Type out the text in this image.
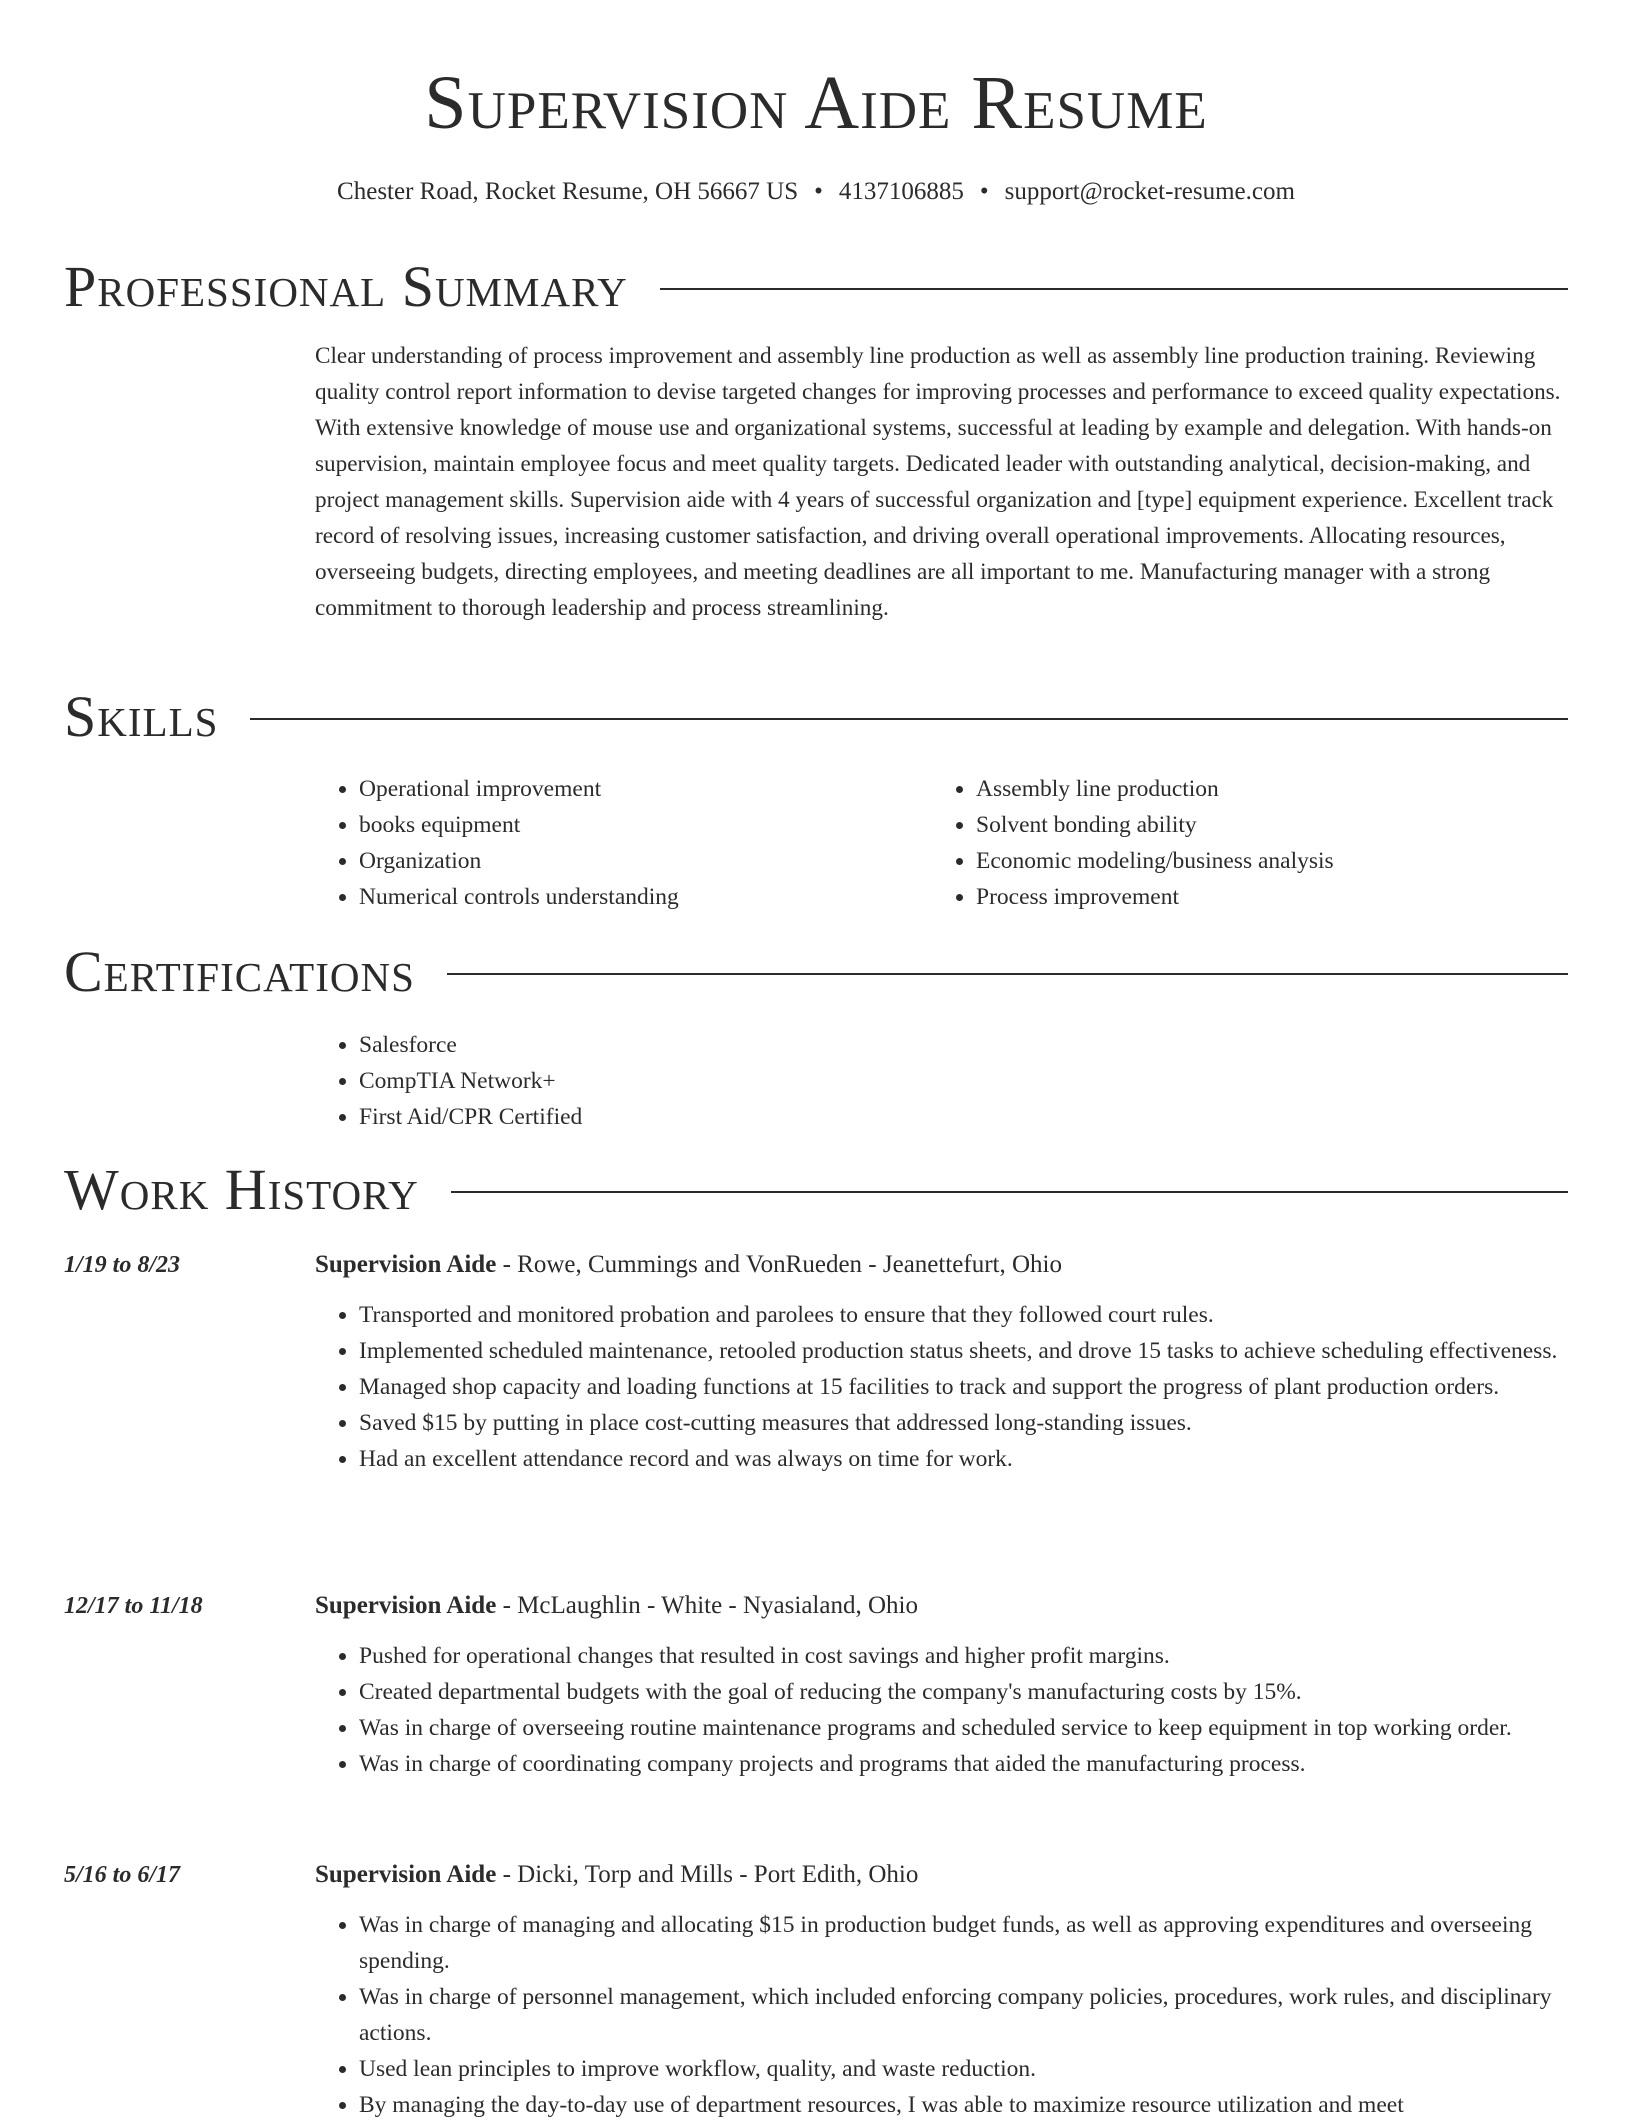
Supervision Aide Resume
Chester Road, Rocket Resume, OH 56667 US • 4137106885 • support@rocket-resume.com
Professional Summary

Clear understanding of process improvement and assembly line production as well as assembly line production training. Reviewing quality control report information to devise targeted changes for improving processes and performance to exceed quality expectations. With extensive knowledge of mouse use and organizational systems, successful at leading by example and delegation. With hands-on supervision, maintain employee focus and meet quality targets. Dedicated leader with outstanding analytical, decision-making, and project management skills. Supervision aide with 4 years of successful organization and [type] equipment experience. Excellent track record of resolving issues, increasing customer satisfaction, and driving overall operational improvements. Allocating resources, overseeing budgets, directing employees, and meeting deadlines are all important to me. Manufacturing manager with a strong commitment to thorough leadership and process streamlining.

Skills
• Operational improvement
• books equipment
• Organization
• Numerical controls understanding
• Assembly line production
• Solvent bonding ability
• Economic modeling/business analysis
• Process improvement
Certifications
• Salesforce
• CompTIA Network+
• First Aid/CPR Certified
Work History
1/19 to 8/23	Supervision Aide - Rowe, Cummings and VonRueden - Jeanettefurt, Ohio
• Transported and monitored probation and parolees to ensure that they followed court rules.
• Implemented scheduled maintenance, retooled production status sheets, and drove 15 tasks to achieve scheduling effectiveness.
• Managed shop capacity and loading functions at 15 facilities to track and support the progress of plant production orders.
• Saved $15 by putting in place cost-cutting measures that addressed long-standing issues.
• Had an excellent attendance record and was always on time for work.
12/17 to 11/18	Supervision Aide - McLaughlin - White - Nyasialand, Ohio
• Pushed for operational changes that resulted in cost savings and higher profit margins.
• Created departmental budgets with the goal of reducing the company's manufacturing costs by 15%.
• Was in charge of overseeing routine maintenance programs and scheduled service to keep equipment in top working order.
• Was in charge of coordinating company projects and programs that aided the manufacturing process.
5/16 to 6/17	Supervision Aide - Dicki, Torp and Mills - Port Edith, Ohio
• Was in charge of managing and allocating $15 in production budget funds, as well as approving expenditures and overseeing spending.
• Was in charge of personnel management, which included enforcing company policies, procedures, work rules, and disciplinary actions.
• Used lean principles to improve workflow, quality, and waste reduction.
• By managing the day-to-day use of department resources, I was able to maximize resource utilization and meet
